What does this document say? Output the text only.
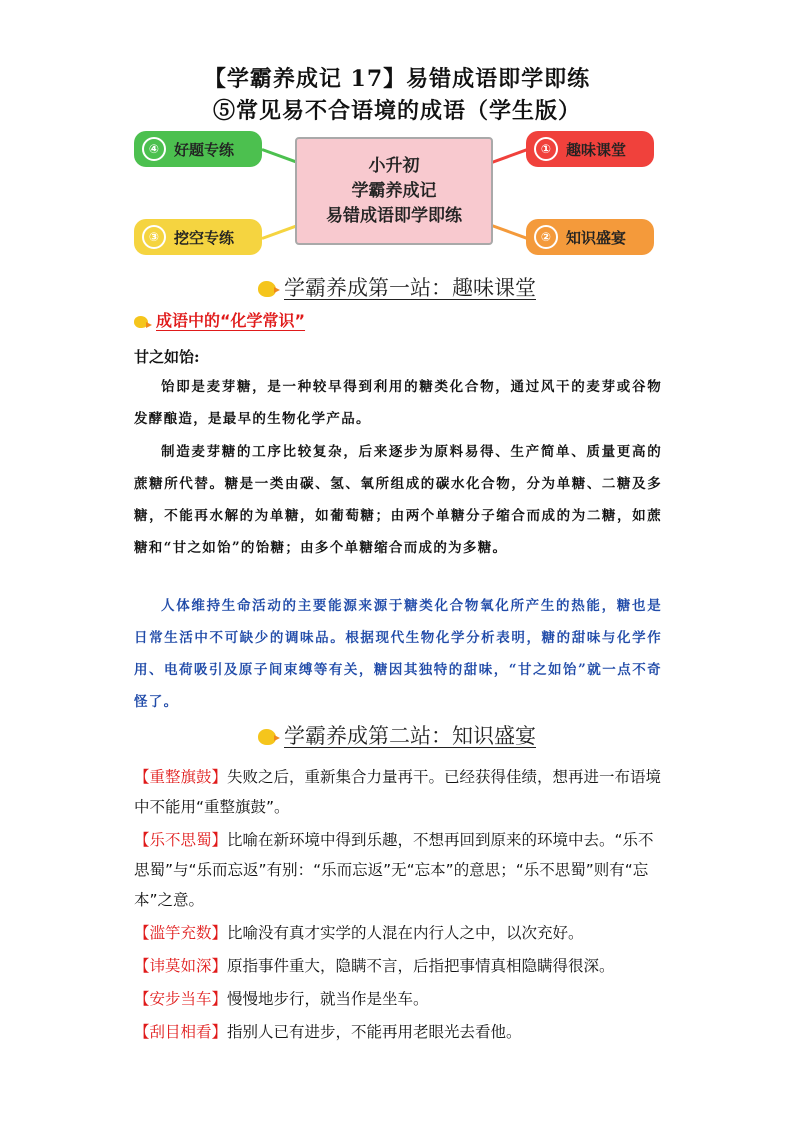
【学霸养成记 17】易错成语即学即练
⑤常见易不合语境的成语（学生版）
小升初
学霸养成记
易错成语即学即练
④ 好题专练
③ 挖空专练
① 趣味课堂
② 知识盛宴
学霸养成第一站：趣味课堂
成语中的“化学常识”
甘之如饴:
饴即是麦芽糖，是一种较早得到利用的糖类化合物，通过风干的麦芽或谷物发酵酿造，是最早的生物化学产品。
制造麦芽糖的工序比较复杂，后来逐步为原料易得、生产简单、质量更高的蔗糖所代替。糖是一类由碳、氢、氧所组成的碳水化合物，分为单糖、二糖及多糖，不能再水解的为单糖，如葡萄糖；由两个单糖分子缩合而成的为二糖，如蔗糖和“甘之如饴”的饴糖；由多个单糖缩合而成的为多糖。
人体维持生命活动的主要能源来源于糖类化合物氧化所产生的热能，糖也是日常生活中不可缺少的调味品。根据现代生物化学分析表明，糖的甜味与化学作用、电荷吸引及原子间束缚等有关，糖因其独特的甜味，“甘之如饴”就一点不奇怪了。
学霸养成第二站：知识盛宴
【重整旗鼓】失败之后，重新集合力量再干。已经获得佳绩，想再进一布语境中不能用“重整旗鼓”。
【乐不思蜀】比喻在新环境中得到乐趣，不想再回到原来的环境中去。“乐不思蜀”与“乐而忘返”有别：“乐而忘返”无“忘本”的意思；“乐不思蜀”则有“忘本”之意。
【滥竽充数】比喻没有真才实学的人混在内行人之中，以次充好。
【讳莫如深】原指事件重大，隐瞒不言，后指把事情真相隐瞒得很深。
【安步当车】慢慢地步行，就当作是坐车。
【刮目相看】指别人已有进步，不能再用老眼光去看他。
